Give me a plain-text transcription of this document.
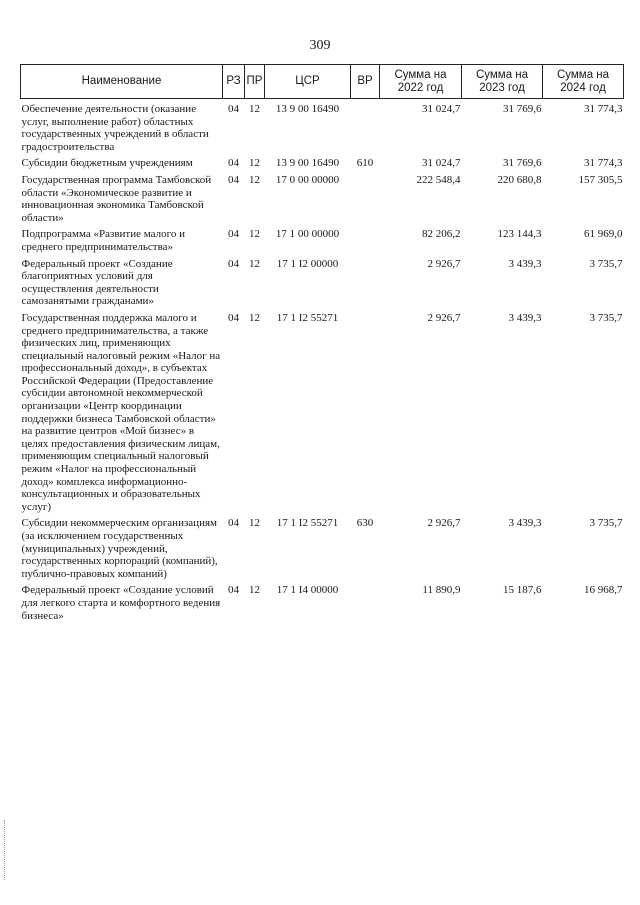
309
Наименование	РЗ	ПР	ЦСР	ВР	Сумма на 2022 год	Сумма на 2023 год	Сумма на 2024 год
Обеспечение деятельности (оказание услуг, выполнение работ) областных государственных учреждений в области градостроительства	04	12	13 9 00 16490		31 024,7	31 769,6	31 774,3
Субсидии бюджетным учреждениям	04	12	13 9 00 16490	610	31 024,7	31 769,6	31 774,3
Государственная программа Тамбовской области «Экономическое развитие и инновационная экономика Тамбовской области»	04	12	17 0 00 00000		222 548,4	220 680,8	157 305,5
Подпрограмма «Развитие малого и среднего предпринимательства»	04	12	17 1 00 00000		82 206,2	123 144,3	61 969,0
Федеральный проект «Создание благоприятных условий для осуществления деятельности самозанятыми гражданами»	04	12	17 1 I2 00000		2 926,7	3 439,3	3 735,7
Государственная поддержка малого и среднего предпринимательства, а также физических лиц, применяющих специальный налоговый режим «Налог на профессиональный доход», в субъектах Российской Федерации (Предоставление субсидии автономной некоммерческой организации «Центр координации поддержки бизнеса Тамбовской области» на развитие центров «Мой бизнес» в целях предоставления физическим лицам, применяющим специальный налоговый режим «Налог на профессиональный доход» комплекса информационно-консультационных и образовательных услуг)	04	12	17 1 I2 55271		2 926,7	3 439,3	3 735,7
Субсидии некоммерческим организациям (за исключением государственных (муниципальных) учреждений, государственных корпораций (компаний), публично-правовых компаний)	04	12	17 1 I2 55271	630	2 926,7	3 439,3	3 735,7
Федеральный проект «Создание условий для легкого старта и комфортного ведения бизнеса»	04	12	17 1 I4 00000		11 890,9	15 187,6	16 968,7
